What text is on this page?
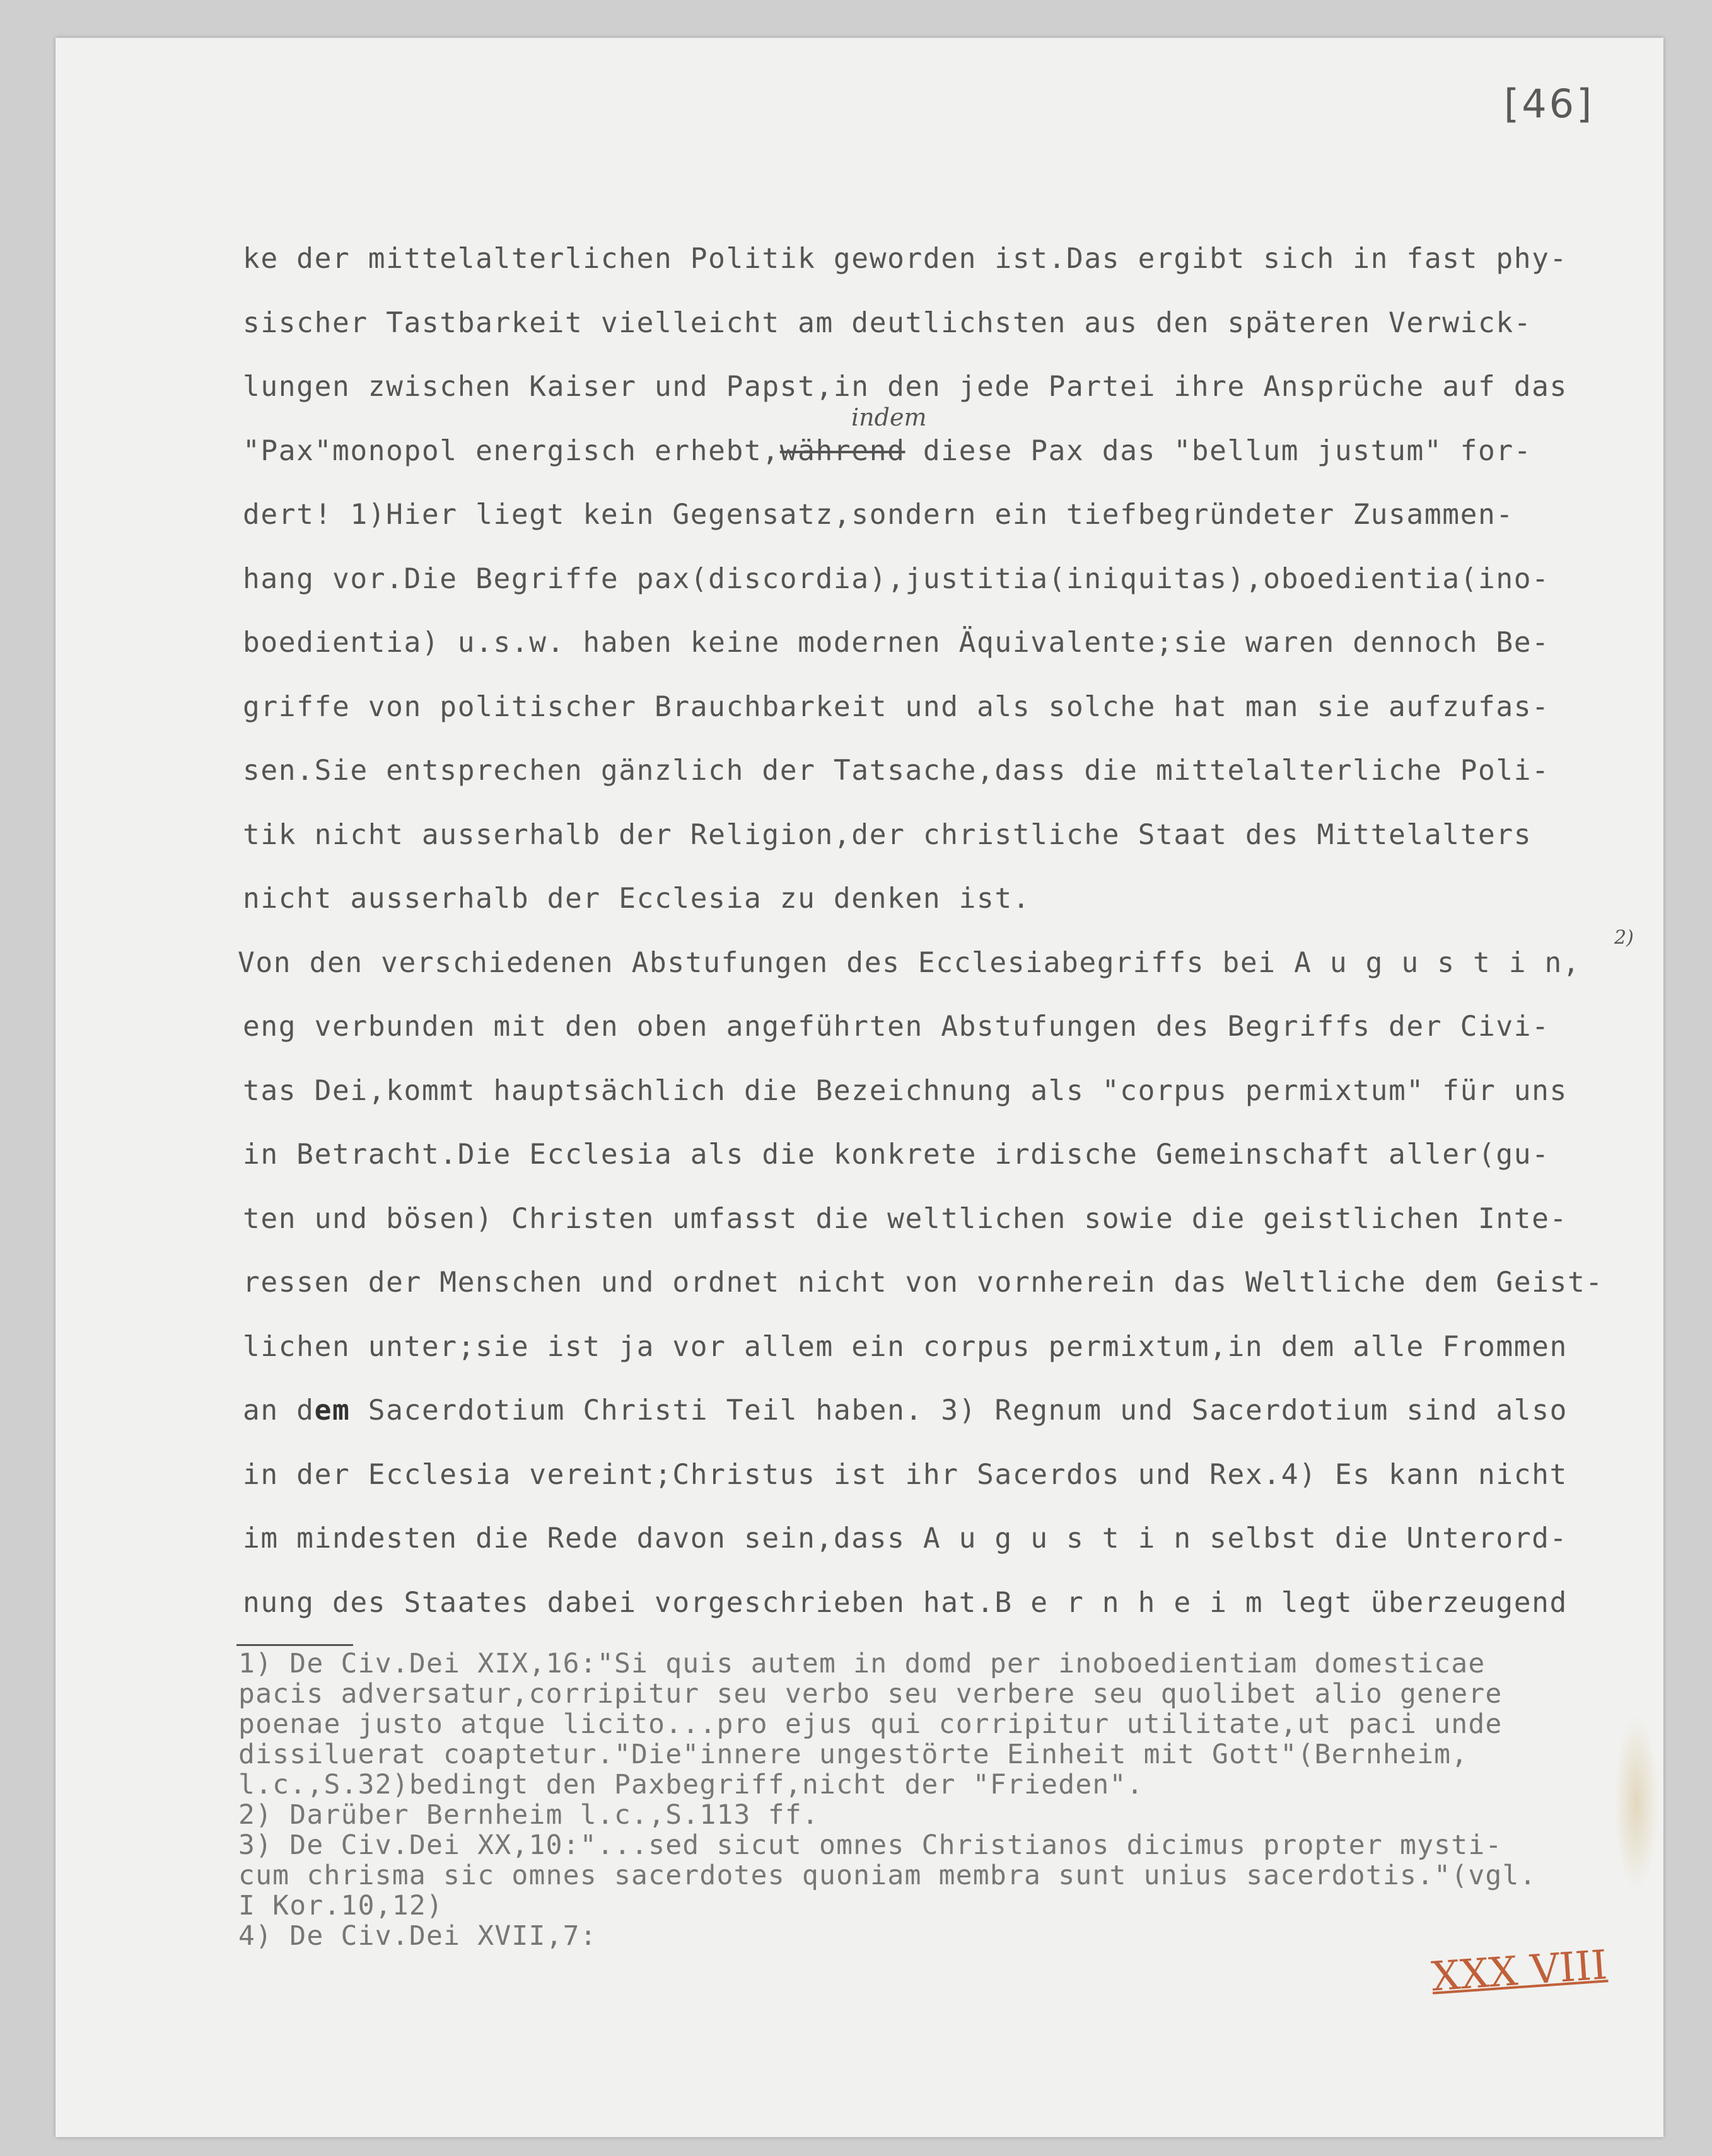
[46]
indem
2)
ke der mittelalterlichen Politik geworden ist.Das ergibt sich in fast phy-
sischer Tastbarkeit vielleicht am deutlichsten aus den späteren Verwick-
lungen zwischen Kaiser und Papst,in den jede Partei ihre Ansprüche auf das
"Pax"monopol energisch erhebt,während diese Pax das "bellum justum" for-
dert! 1)Hier liegt kein Gegensatz,sondern ein tiefbegründeter Zusammen-
hang vor.Die Begriffe pax(discordia),justitia(iniquitas),oboedientia(ino-
boedientia) u.s.w. haben keine modernen Äquivalente;sie waren dennoch Be-
griffe von politischer Brauchbarkeit und als solche hat man sie aufzufas-
sen.Sie entsprechen gänzlich der Tatsache,dass die mittelalterliche Poli-
tik nicht ausserhalb der Religion,der christliche Staat des Mittelalters
nicht ausserhalb der Ecclesia zu denken ist.
Von den verschiedenen Abstufungen des Ecclesiabegriffs bei A u g u s t i n,
eng verbunden mit den oben angeführten Abstufungen des Begriffs der Civi-
tas Dei,kommt hauptsächlich die Bezeichnung als "corpus permixtum" für uns
in Betracht.Die Ecclesia als die konkrete irdische Gemeinschaft aller(gu-
ten und bösen) Christen umfasst die weltlichen sowie die geistlichen Inte-
ressen der Menschen und ordnet nicht von vornherein das Weltliche dem Geist-
lichen unter;sie ist ja vor allem ein corpus permixtum,in dem alle Frommen
an dem Sacerdotium Christi Teil haben. 3) Regnum und Sacerdotium sind also
in der Ecclesia vereint;Christus ist ihr Sacerdos und Rex.4) Es kann nicht
im mindesten die Rede davon sein,dass A u g u s t i n selbst die Unterord-
nung des Staates dabei vorgeschrieben hat.B e r n h e i m legt überzeugend
1) De Civ.Dei XIX,16:"Si quis autem in domd per inoboedientiam domesticae
pacis adversatur,corripitur seu verbo seu verbere seu quolibet alio genere
poenae justo atque licito...pro ejus qui corripitur utilitate,ut paci unde
dissiluerat coaptetur."Die"innere ungestörte Einheit mit Gott"(Bernheim,
l.c.,S.32)bedingt den Paxbegriff,nicht der "Frieden".
2) Darüber Bernheim l.c.,S.113 ff.
3) De Civ.Dei XX,10:"...sed sicut omnes Christianos dicimus propter mysti-
cum chrisma sic omnes sacerdotes quoniam membra sunt unius sacerdotis."(vgl.
I Kor.10,12)
4) De Civ.Dei XVII,7:
XXX VIII
